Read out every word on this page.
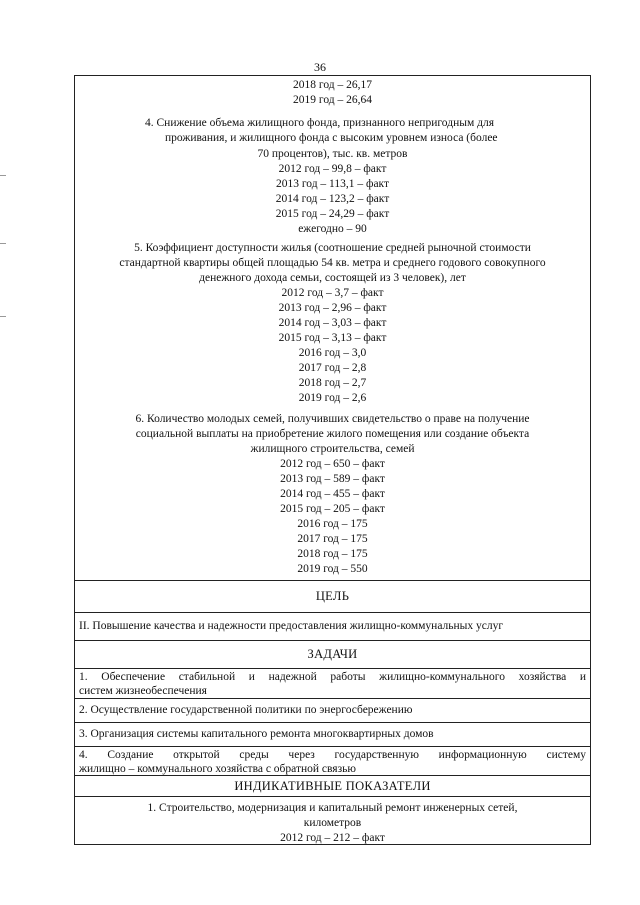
36
2018 год – 26,17
2019 год – 26,64
4. Снижение объема жилищного фонда, признанного непригодным для
проживания, и жилищного фонда с высоким уровнем износа (более
70 процентов), тыс. кв. метров
2012 год – 99,8 – факт
2013 год – 113,1 – факт
2014 год – 123,2 – факт
2015 год – 24,29 – факт
ежегодно – 90
5. Коэффициент доступности жилья (соотношение средней рыночной стоимости
стандартной квартиры общей площадью 54 кв. метра и среднего годового совокупного
денежного дохода семьи, состоящей из 3 человек), лет
2012 год – 3,7 – факт
2013 год – 2,96 – факт
2014 год – 3,03 – факт
2015 год – 3,13 – факт
2016 год – 3,0
2017 год – 2,8
2018 год – 2,7
2019 год – 2,6
6. Количество молодых семей, получивших свидетельство о праве на получение
социальной выплаты на приобретение жилого помещения или создание объекта
жилищного строительства, семей
2012 год – 650 – факт
2013 год – 589 – факт
2014 год – 455 – факт
2015 год – 205 – факт
2016 год – 175
2017 год – 175
2018 год – 175
2019 год – 550
ЦЕЛЬ
II. Повышение качества и надежности предоставления жилищно-коммунальных услуг
ЗАДАЧИ
1. Обеспечение стабильной и надежной работы жилищно-коммунального хозяйства и
систем жизнеобеспечения
2. Осуществление государственной политики по энергосбережению
3. Организация системы капитального ремонта многоквартирных домов
4. Создание открытой среды через государственную информационную систему
жилищно – коммунального хозяйства с обратной связью
ИНДИКАТИВНЫЕ ПОКАЗАТЕЛИ
1. Строительство, модернизация и капитальный ремонт инженерных сетей,
километров
2012 год – 212 – факт
